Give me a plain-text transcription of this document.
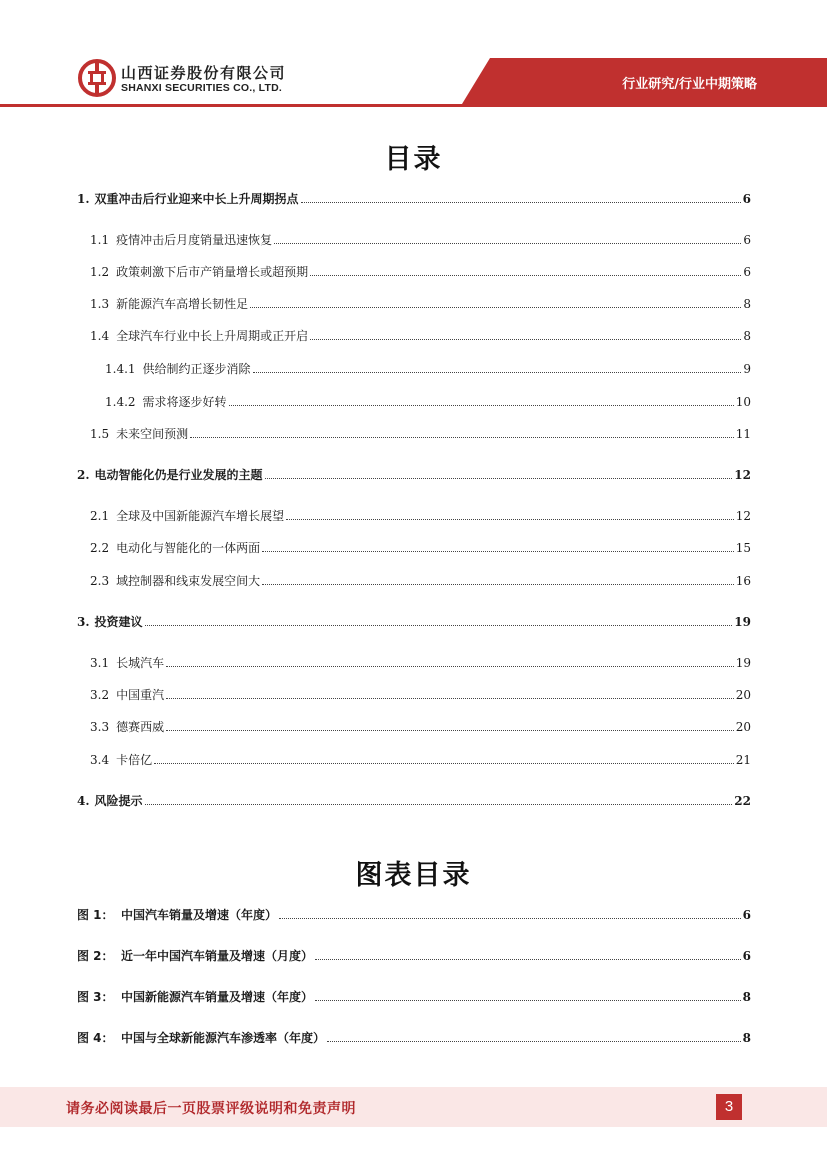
山西证券股份有限公司
SHANXI SECURITIES CO., LTD.	行业研究/行业中期策略
目录
1. 双重冲击后行业迎来中长上升周期拐点	6
1.1 疫情冲击后月度销量迅速恢复	6
1.2 政策刺激下后市产销量增长或超预期	6
1.3 新能源汽车高增长韧性足	8
1.4 全球汽车行业中长上升周期或正开启	8
1.4.1 供给制约正逐步消除	9
1.4.2 需求将逐步好转	10
1.5 未来空间预测	11
2. 电动智能化仍是行业发展的主题	12
2.1 全球及中国新能源汽车增长展望	12
2.2 电动化与智能化的一体两面	15
2.3 域控制器和线束发展空间大	16
3. 投资建议	19
3.1 长城汽车	19
3.2 中国重汽	20
3.3 德赛西威	20
3.4 卡倍亿	21
4. 风险提示	22
图表目录
图 1： 中国汽车销量及增速（年度）	6
图 2： 近一年中国汽车销量及增速（月度）	6
图 3： 中国新能源汽车销量及增速（年度）	8
图 4： 中国与全球新能源汽车渗透率（年度）	8
请务必阅读最后一页股票评级说明和免责声明	3
